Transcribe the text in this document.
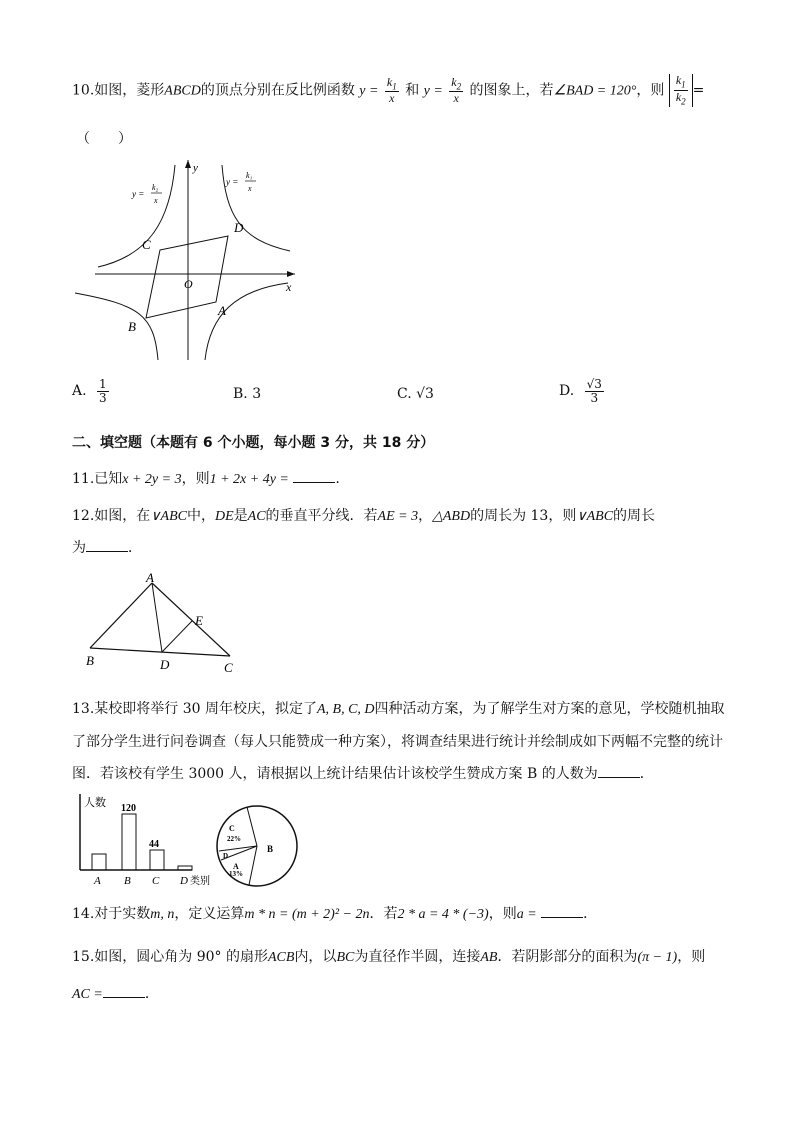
10.如图，菱形ABCD的顶点分别在反比例函数 $y = \frac{k_1}{x}$ 和 $y = \frac{k_2}{x}$ 的图象上，若∠BAD = 120°，则 $\frac{k_1}{k_2}$ =
（　　）
y
x
O
y =
k₂
x
y =
k₁
x
C
D
B
A
A. $\frac{1}{3}$	B. 3	C. √3	D. $\frac{√3}{3}$
二、填空题（本题有 6 个小题，每小题 3 分，共 18 分）
11.已知x + 2y = 3，则1 + 2x + 4y =	.
12.如图，在∨ABC中，DE是AC的垂直平分线．若AE = 3，△ABD的周长为 13，则∨ABC的周长
为	．
A
E
B	D	C
13.某校即将举行 30 周年校庆，拟定了A, B, C, D四种活动方案，为了解学生对方案的意见，学校随机抽取
了部分学生进行问卷调查（每人只能赞成一种方案），将调查结果进行统计并绘制成如下两幅不完整的统计
图．若该校有学生 3000 人，请根据以上统计结果估计该校学生赞成方案 B 的人数为	．
人数 120
44
A B C D 类别
C
22%
D
A
13%
B
14.对于实数m, n，定义运算m * n = (m + 2)² − 2n．若2 * a = 4 * (−3)，则a =	．
15.如图，圆心角为 90° 的扇形ACB内，以BC为直径作半圆，连接AB．若阴影部分的面积为(π − 1)，则
AC =	．
